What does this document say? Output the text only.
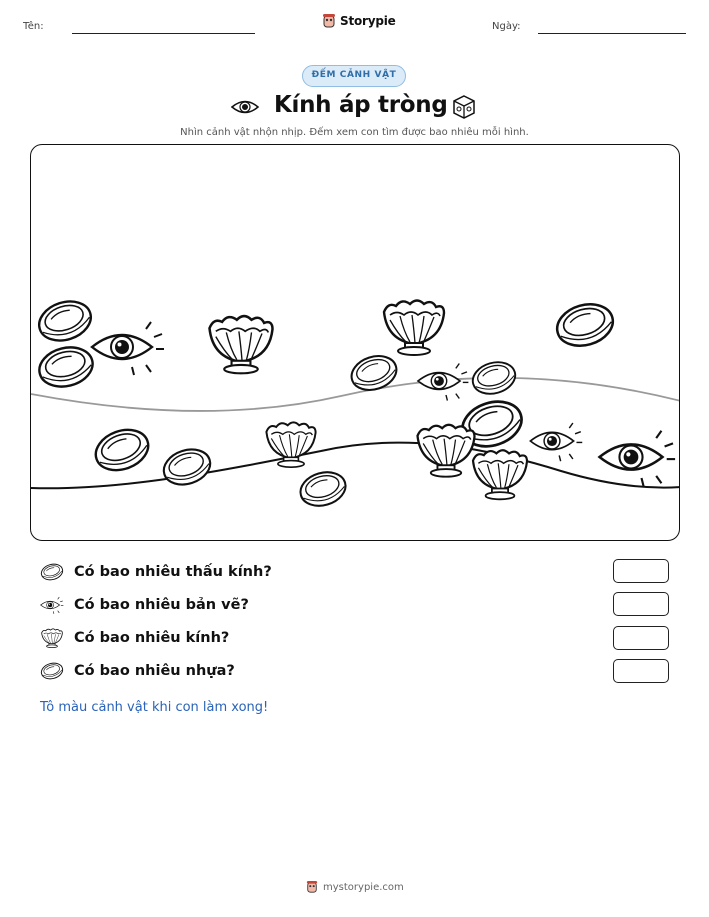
Tên:	Storypie	Ngày:
ĐẾM CẢNH VẬT
Kính áp tròng
Nhìn cảnh vật nhộn nhịp. Đếm xem con tìm được bao nhiêu mỗi hình.
Có bao nhiêu thấu kính?
Có bao nhiêu bản vẽ?
Có bao nhiêu kính?
Có bao nhiêu nhựa?
Tô màu cảnh vật khi con làm xong!
mystorypie.com
